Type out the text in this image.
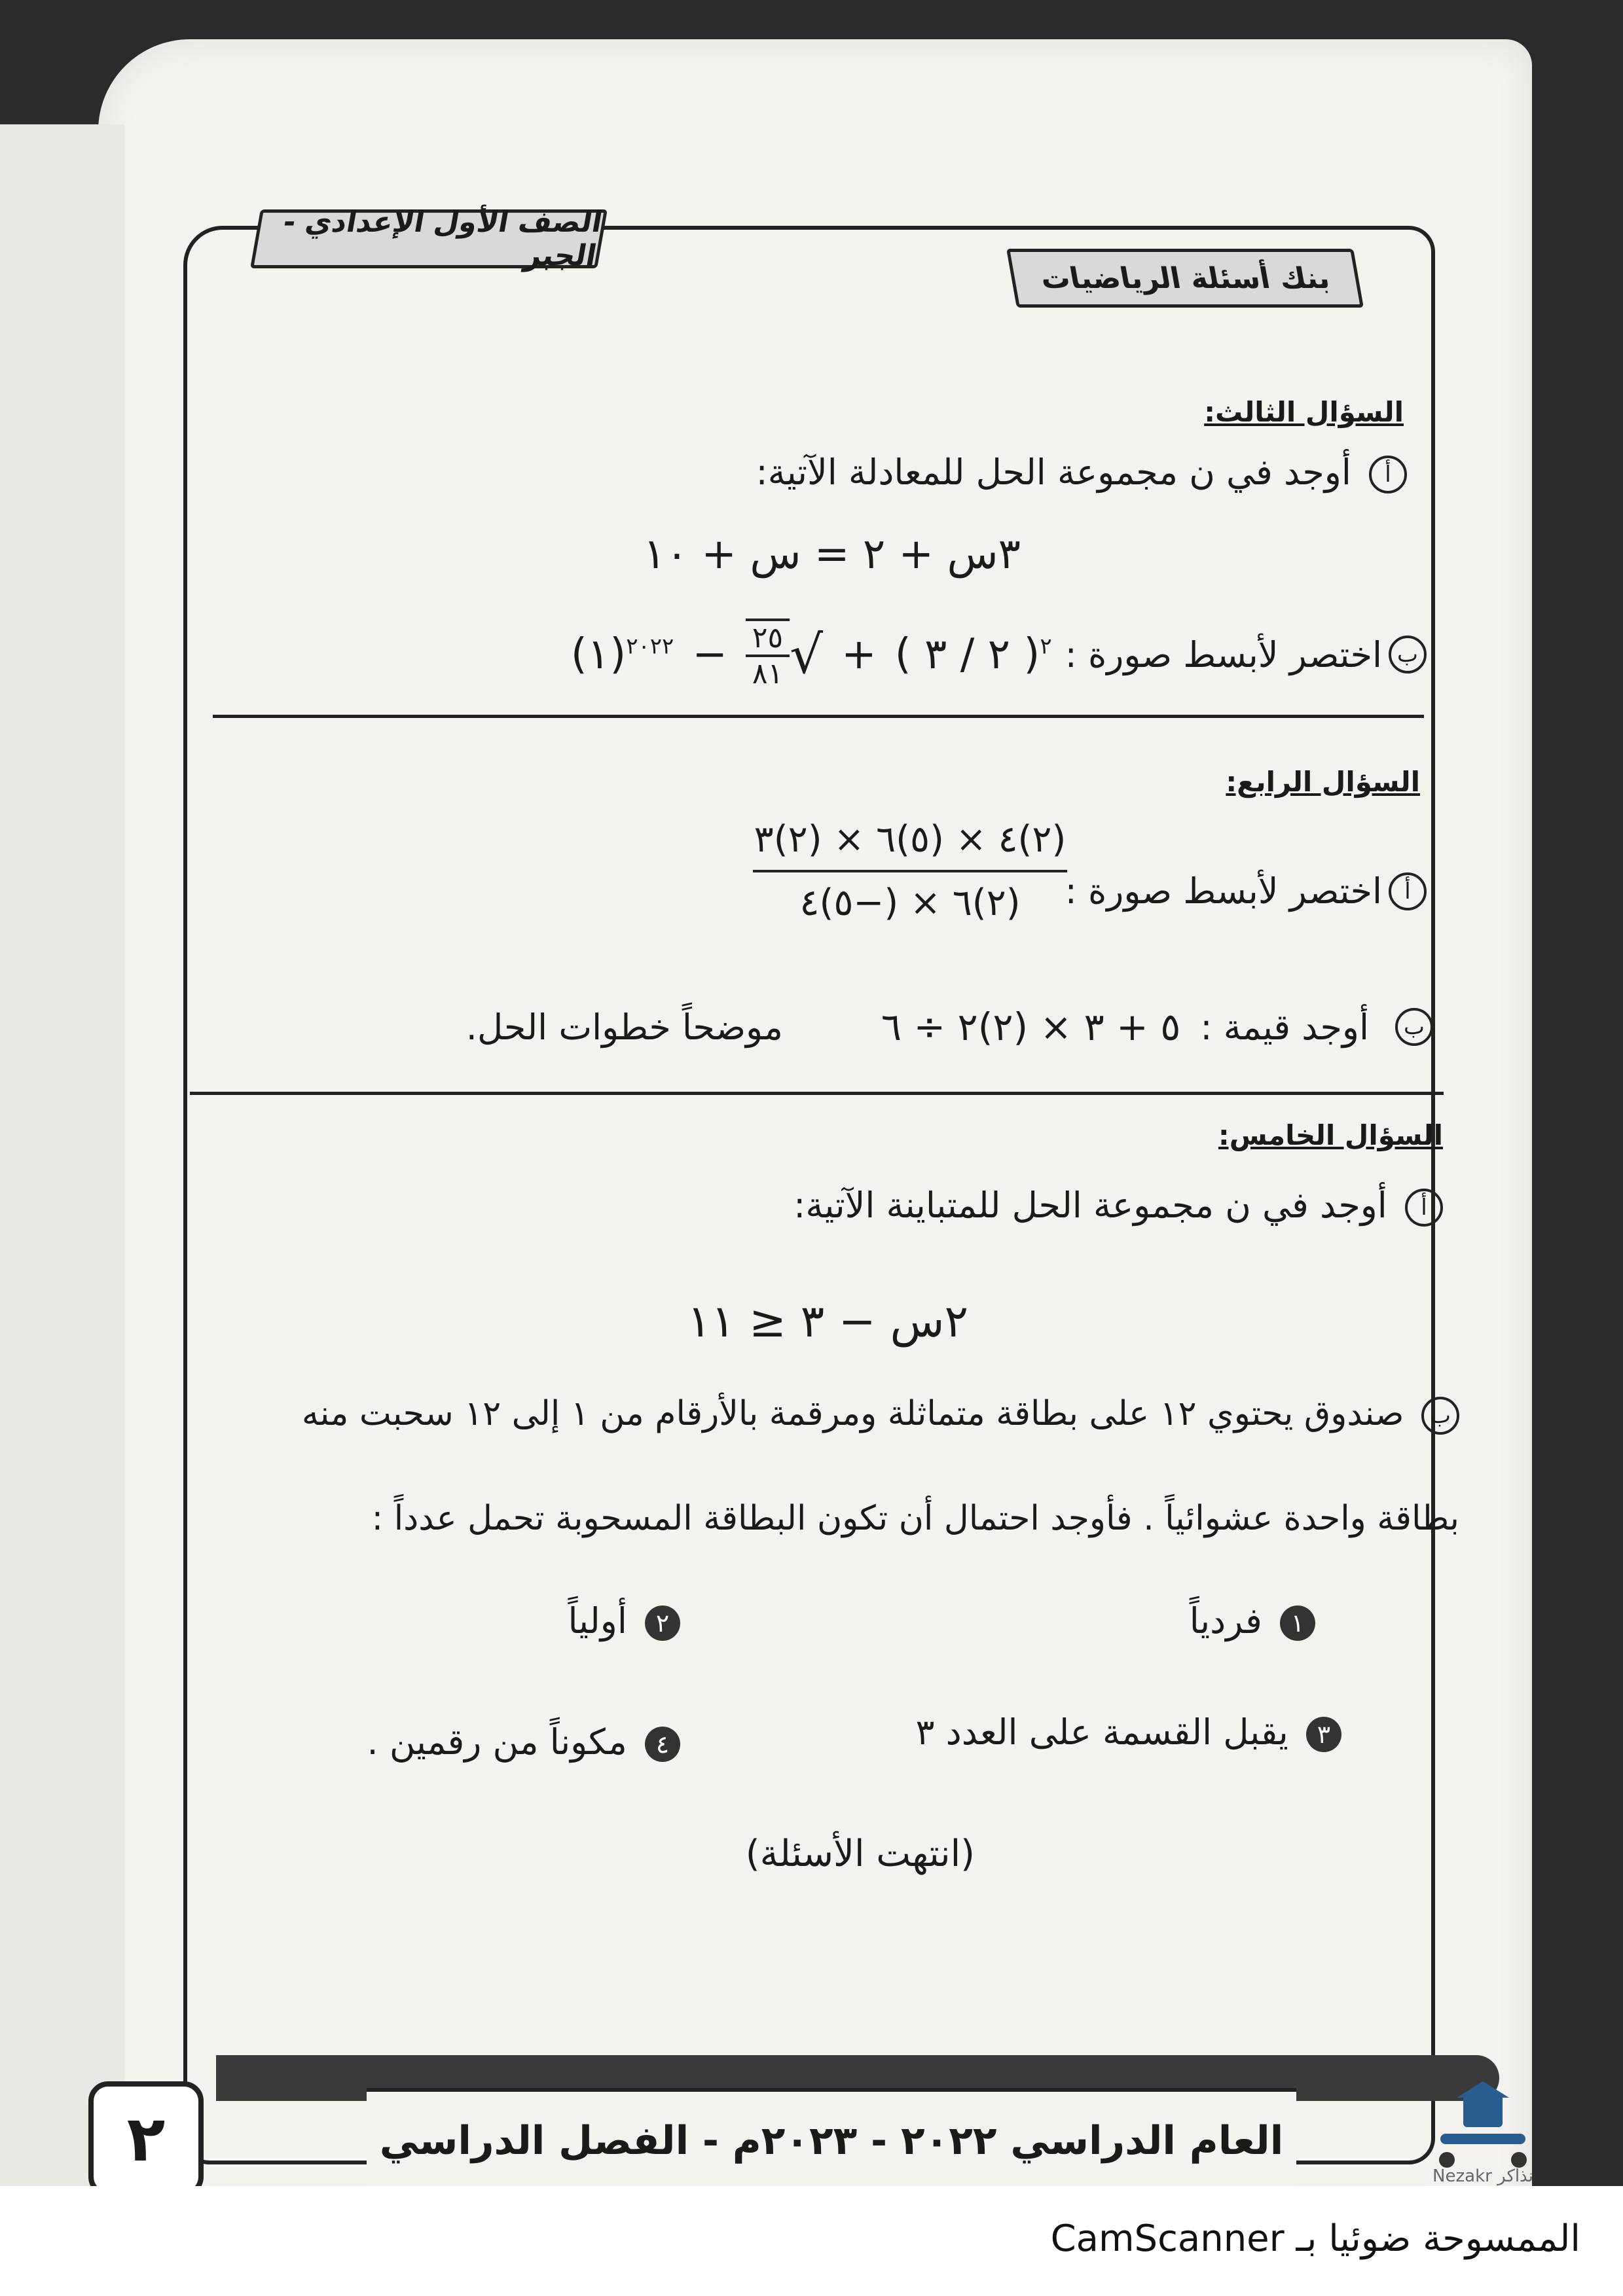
الصف الأول الإعدادي - الجبر
بنك أسئلة الرياضيات
السؤال الثالث:
أ أوجد في ن مجموعة الحل للمعادلة الآتية:
٣س + ٢ = س + ١٠
ب
اختصر لأبسط صورة :
(١)$^{٢٠٢٢}$ − $\frac{٢٥}{٨١}$ √ + ( ٢ / ٣ )$^٢$
السؤال الرابع:
أ
اختصر لأبسط صورة :
(٢)٤ × (٥)٦ × (٢)٣
(٢)٦ × (−٥)٤
ب
أوجد قيمة :
٥ + ٣ × (٢)٢ ÷ ٦
موضحاً خطوات الحل.
السؤال الخامس:
أ أوجد في ن مجموعة الحل للمتباينة الآتية:
٢س − ٣ ≤ ١١
ب صندوق يحتوي ١٢ على بطاقة متماثلة ومرقمة بالأرقام من ١ إلى ١٢ سحبت منه
بطاقة واحدة عشوائياً . فأوجد احتمال أن تكون البطاقة المسحوبة تحمل عدداً :
١ فردياً
٢ أولياً
٣ يقبل القسمة على العدد ٣
٤ مكوناً من رقمين .
(انتهت الأسئلة)
العام الدراسي ٢٠٢٢ - ٢٠٢٣م - الفصل الدراسي
٢
Nezakr نذاكر
الممسوحة ضوئيا بـ CamScanner
